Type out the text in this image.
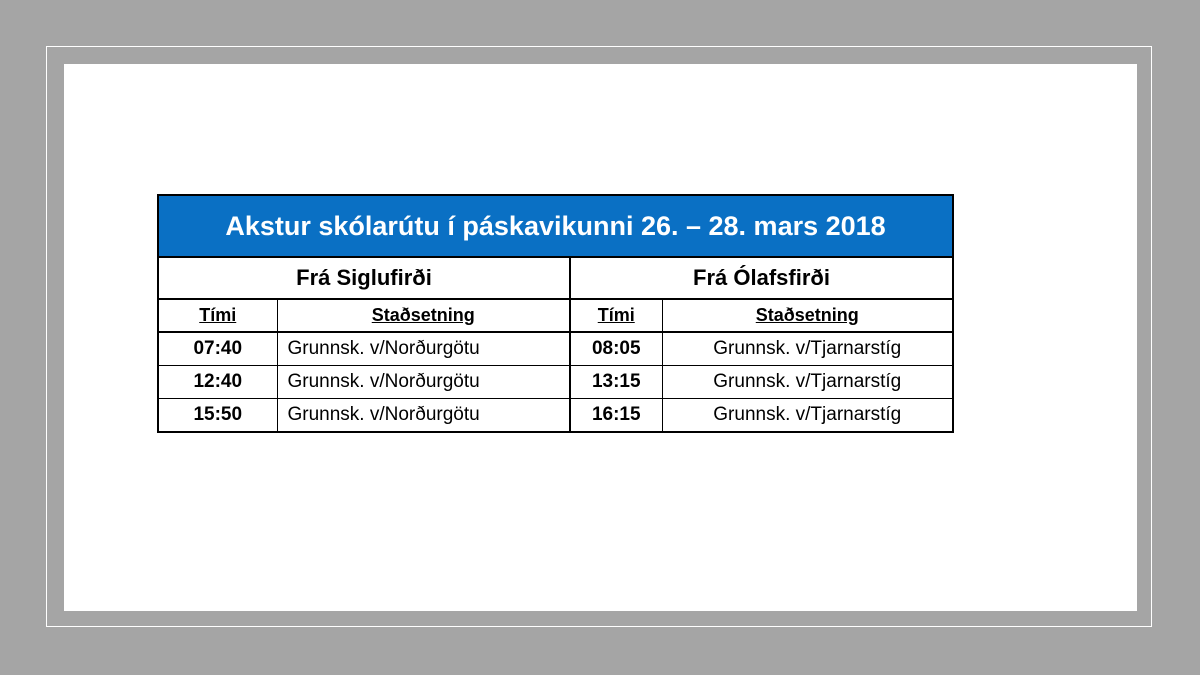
Akstur skólarútu í páskavikunni 26. – 28. mars 2018			
Frá Siglufirði		Frá Ólafsfirði	
Tími	Staðsetning	Tími	Staðsetning
07:40	Grunnsk. v/Norðurgötu	08:05	Grunnsk. v/Tjarnarstíg
12:40	Grunnsk. v/Norðurgötu	13:15	Grunnsk. v/Tjarnarstíg
15:50	Grunnsk. v/Norðurgötu	16:15	Grunnsk. v/Tjarnarstíg
